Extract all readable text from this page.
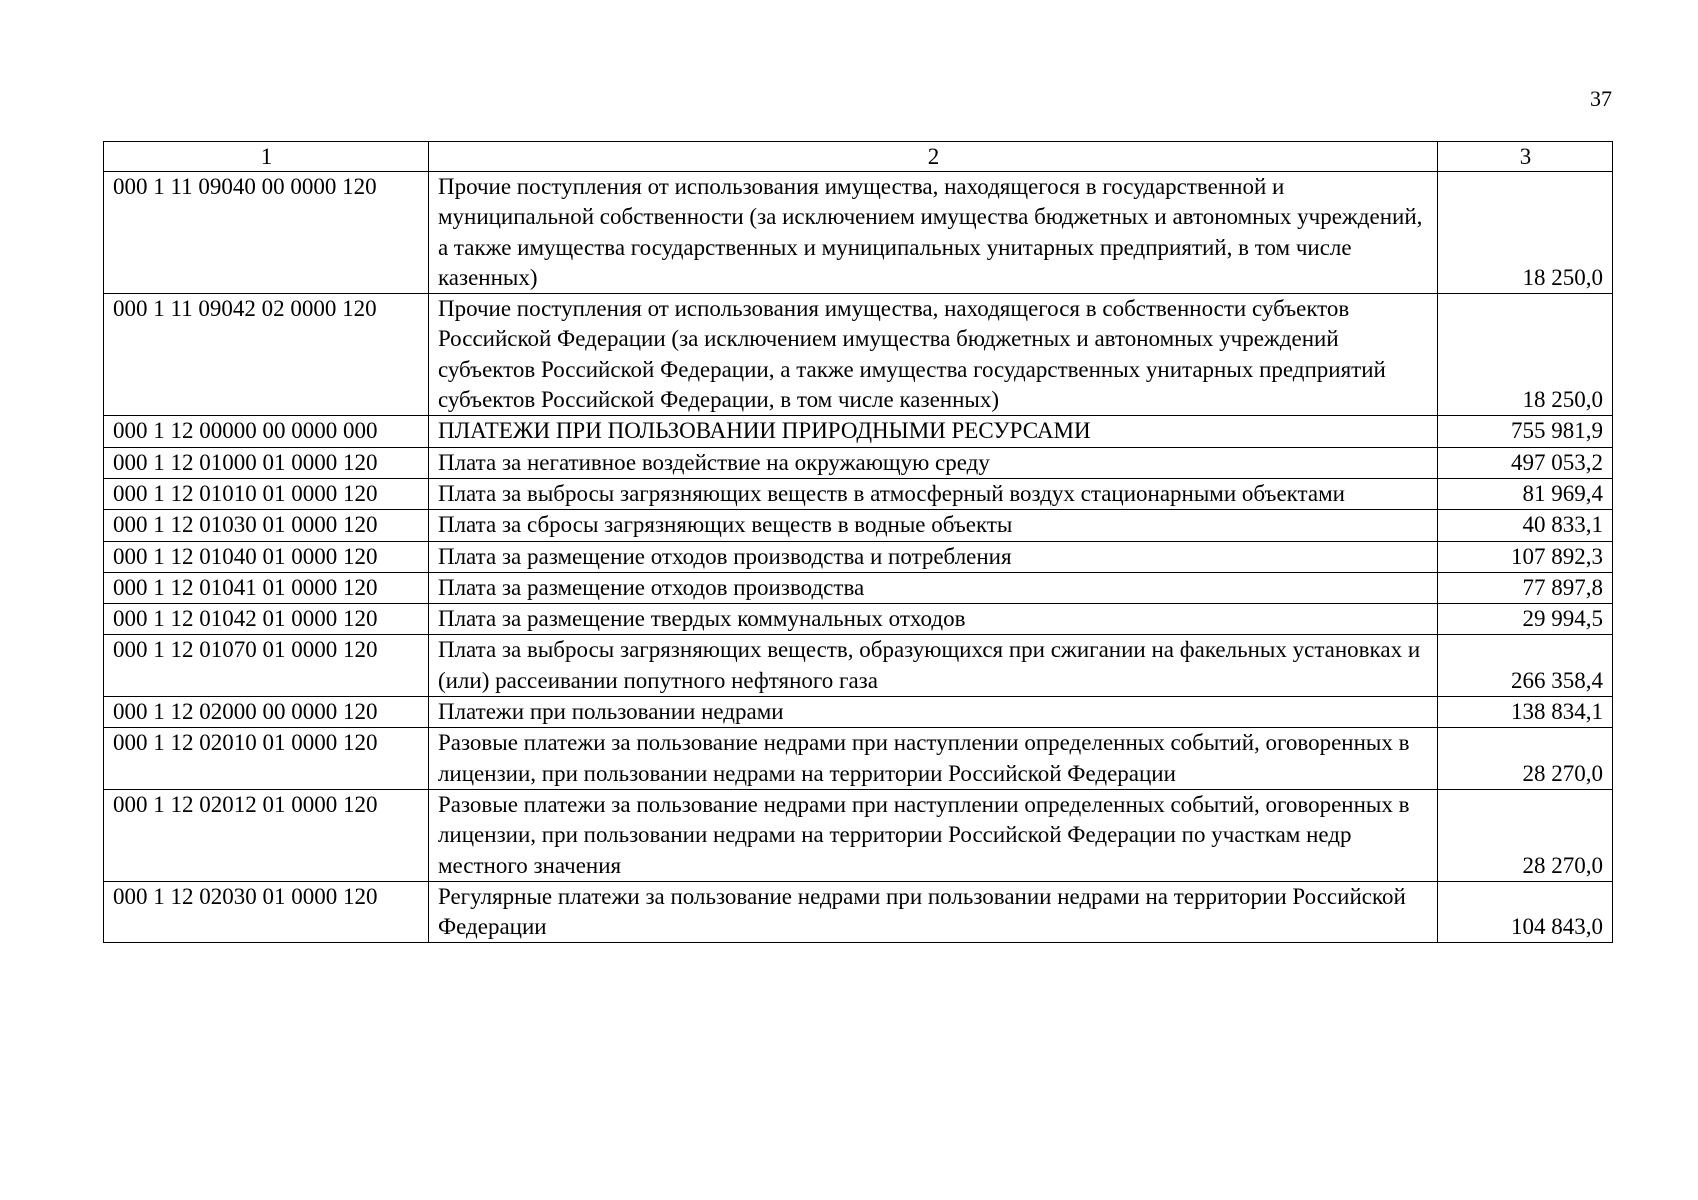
37
1	2	3
000 1 11 09040 00 0000 120	Прочие поступления от использования имущества, находящегося в государственной и муниципальной собственности (за исключением имущества бюджетных и автономных учреждений, а также имущества государственных и муниципальных унитарных предприятий, в том числе казенных)	18 250,0
000 1 11 09042 02 0000 120	Прочие поступления от использования имущества, находящегося в собственности субъектов Российской Федерации (за исключением имущества бюджетных и автономных учреждений субъектов Российской Федерации, а также имущества государственных унитарных предприятий субъектов Российской Федерации, в том числе казенных)	18 250,0
000 1 12 00000 00 0000 000	ПЛАТЕЖИ ПРИ ПОЛЬЗОВАНИИ ПРИРОДНЫМИ РЕСУРСАМИ	755 981,9
000 1 12 01000 01 0000 120	Плата за негативное воздействие на окружающую среду	497 053,2
000 1 12 01010 01 0000 120	Плата за выбросы загрязняющих веществ в атмосферный воздух стационарными объектами	81 969,4
000 1 12 01030 01 0000 120	Плата за сбросы загрязняющих веществ в водные объекты	40 833,1
000 1 12 01040 01 0000 120	Плата за размещение отходов производства и потребления	107 892,3
000 1 12 01041 01 0000 120	Плата за размещение отходов производства	77 897,8
000 1 12 01042 01 0000 120	Плата за размещение твердых коммунальных отходов	29 994,5
000 1 12 01070 01 0000 120	Плата за выбросы загрязняющих веществ, образующихся при сжигании на факельных установках и (или) рассеивании попутного нефтяного газа	266 358,4
000 1 12 02000 00 0000 120	Платежи при пользовании недрами	138 834,1
000 1 12 02010 01 0000 120	Разовые платежи за пользование недрами при наступлении определенных событий, оговоренных в лицензии, при пользовании недрами на территории Российской Федерации	28 270,0
000 1 12 02012 01 0000 120	Разовые платежи за пользование недрами при наступлении определенных событий, оговоренных в лицензии, при пользовании недрами на территории Российской Федерации по участкам недр местного значения	28 270,0
000 1 12 02030 01 0000 120	Регулярные платежи за пользование недрами при пользовании недрами на территории Российской Федерации	104 843,0
